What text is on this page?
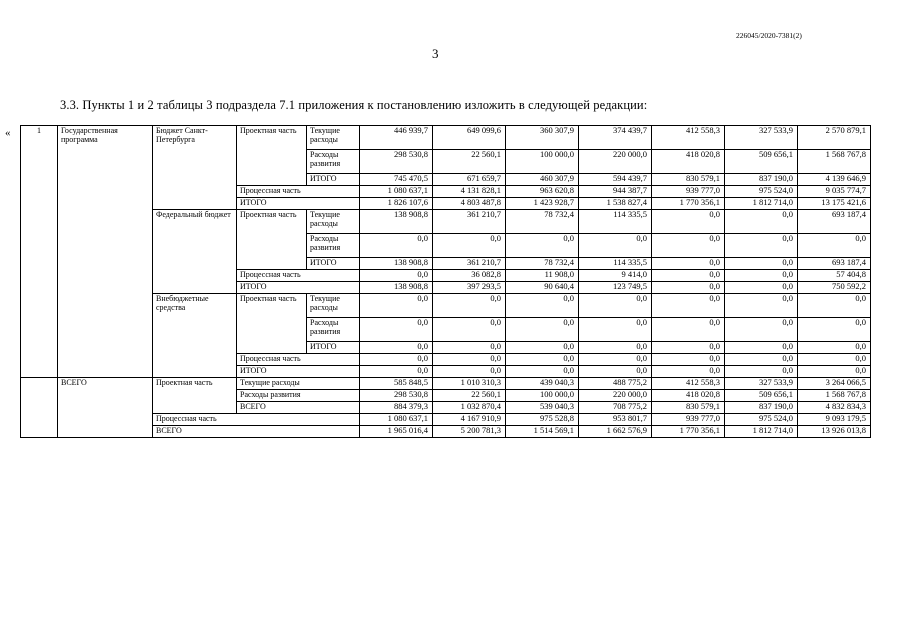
226045/2020-7381(2)
3
3.3. Пункты 1 и 2 таблицы 3 подраздела 7.1 приложения к постановлению изложить в следующей редакции:
«	1	Государственная программа	Бюджет Санкт-Петербурга	Проектная часть	Текущие расходы	446 939,7	649 099,6	360 307,9	374 439,7	412 558,3	327 533,9	2 570 879,1
				Расходы развития	298 530,8	22 560,1	100 000,0	220 000,0	418 020,8	509 656,1	1 568 767,8
				ИТОГО	745 470,5	671 659,7	460 307,9	594 439,7	830 579,1	837 190,0	4 139 646,9
			Процессная часть		1 080 637,1	4 131 828,1	963 620,8	944 387,7	939 777,0	975 524,0	9 035 774,7
			ИТОГО		1 826 107,6	4 803 487,8	1 423 928,7	1 538 827,4	1 770 356,1	1 812 714,0	13 175 421,6
		Федеральный бюджет	Проектная часть	Текущие расходы	138 908,8	361 210,7	78 732,4	114 335,5	0,0	0,0	693 187,4
				Расходы развития	0,0	0,0	0,0	0,0	0,0	0,0	0,0
				ИТОГО	138 908,8	361 210,7	78 732,4	114 335,5	0,0	0,0	693 187,4
			Процессная часть		0,0	36 082,8	11 908,0	9 414,0	0,0	0,0	57 404,8
			ИТОГО		138 908,8	397 293,5	90 640,4	123 749,5	0,0	0,0	750 592,2
		Внебюджетные средства	Проектная часть	Текущие расходы	0,0	0,0	0,0	0,0	0,0	0,0	0,0
				Расходы развития	0,0	0,0	0,0	0,0	0,0	0,0	0,0
				ИТОГО	0,0	0,0	0,0	0,0	0,0	0,0	0,0
			Процессная часть		0,0	0,0	0,0	0,0	0,0	0,0	0,0
			ИТОГО		0,0	0,0	0,0	0,0	0,0	0,0	0,0
	ВСЕГО	Проектная часть	Текущие расходы		585 848,5	1 010 310,3	439 040,3	488 775,2	412 558,3	327 533,9	3 264 066,5
			Расходы развития		298 530,8	22 560,1	100 000,0	220 000,0	418 020,8	509 656,1	1 568 767,8
			ВСЕГО		884 379,3	1 032 870,4	539 040,3	708 775,2	830 579,1	837 190,0	4 832 834,3
		Процессная часть			1 080 637,1	4 167 910,9	975 528,8	953 801,7	939 777,0	975 524,0	9 093 179,5
		ВСЕГО			1 965 016,4	5 200 781,3	1 514 569,1	1 662 576,9	1 770 356,1	1 812 714,0	13 926 013,8
